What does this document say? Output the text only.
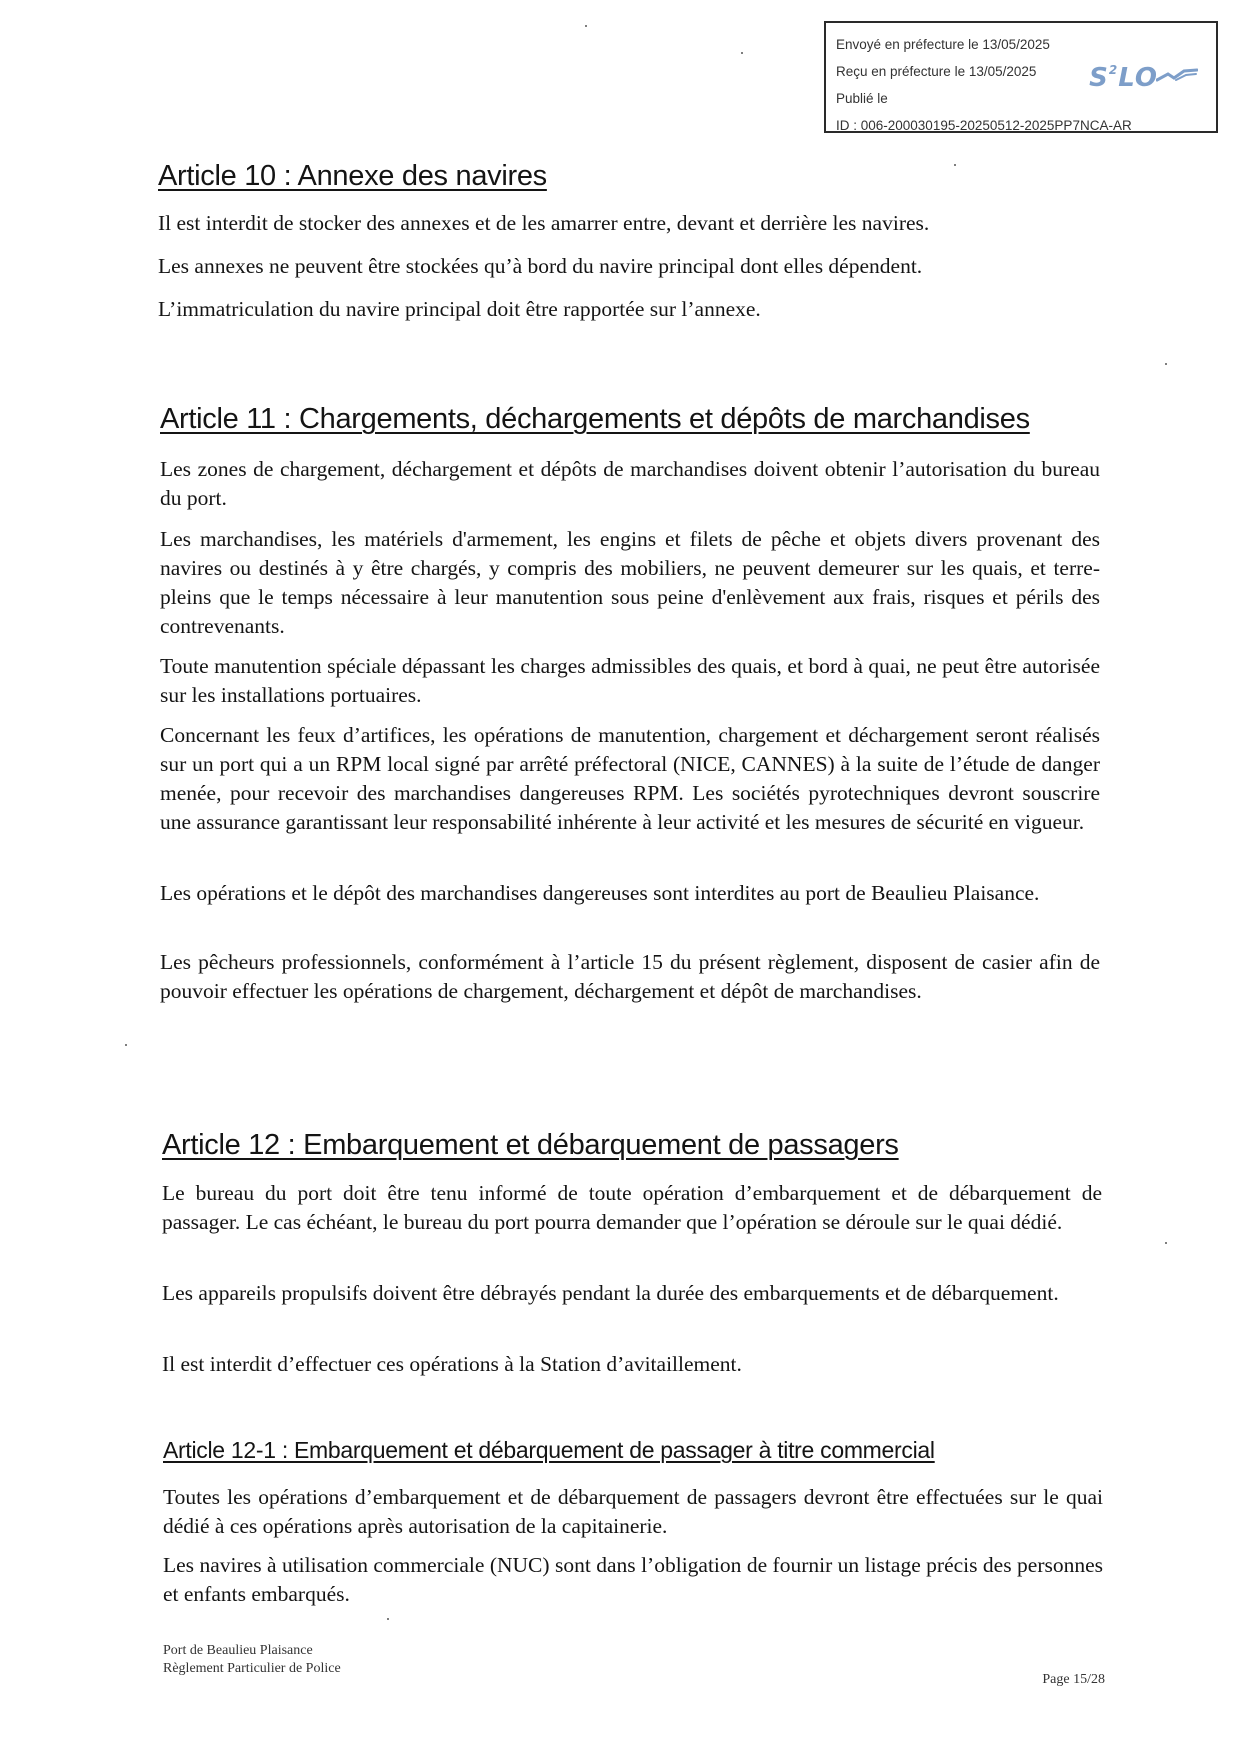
Envoyé en préfecture le 13/05/2025
Reçu en préfecture le 13/05/2025
Publié le
ID : 006-200030195-20250512-2025PP7NCA-AR
$S^2LO$
Article 10 : Annexe des navires

Il est interdit de stocker des annexes et de les amarrer entre, devant et derrière les navires.

Les annexes ne peuvent être stockées qu’à bord du navire principal dont elles dépendent.

L’immatriculation du navire principal doit être rapportée sur l’annexe.

Article 11 : Chargements, déchargements et dépôts de marchandises

Les zones de chargement, déchargement et dépôts de marchandises doivent obtenir l’autorisation du bureau du port.

Les marchandises, les matériels d'armement, les engins et filets de pêche et objets divers provenant des navires ou destinés à y être chargés, y compris des mobiliers, ne peuvent demeurer sur les quais, et terre-pleins que le temps nécessaire à leur manutention sous peine d'enlèvement aux frais, risques et périls des contrevenants.

Toute manutention spéciale dépassant les charges admissibles des quais, et bord à quai, ne peut être autorisée sur les installations portuaires.

Concernant les feux d’artifices, les opérations de manutention, chargement et déchargement seront réalisés sur un port qui a un RPM local signé par arrêté préfectoral (NICE, CANNES) à la suite de l’étude de danger menée, pour recevoir des marchandises dangereuses RPM. Les sociétés pyrotechniques devront souscrire une assurance garantissant leur responsabilité inhérente à leur activité et les mesures de sécurité en vigueur.

Les opérations et le dépôt des marchandises dangereuses sont interdites au port de Beaulieu Plaisance.

Les pêcheurs professionnels, conformément à l’article 15 du présent règlement, disposent de casier afin de pouvoir effectuer les opérations de chargement, déchargement et dépôt de marchandises.

Article 12 : Embarquement et débarquement de passagers

Le bureau du port doit être tenu informé de toute opération d’embarquement et de débarquement de passager. Le cas échéant, le bureau du port pourra demander que l’opération se déroule sur le quai dédié.

Les appareils propulsifs doivent être débrayés pendant la durée des embarquements et de débarquement.

Il est interdit d’effectuer ces opérations à la Station d’avitaillement.

Article 12-1 : Embarquement et débarquement de passager à titre commercial

Toutes les opérations d’embarquement et de débarquement de passagers devront être effectuées sur le quai dédié à ces opérations après autorisation de la capitainerie.

Les navires à utilisation commerciale (NUC) sont dans l’obligation de fournir un listage précis des personnes et enfants embarqués.

Port de Beaulieu Plaisance
Règlement Particulier de Police
Page 15/28
